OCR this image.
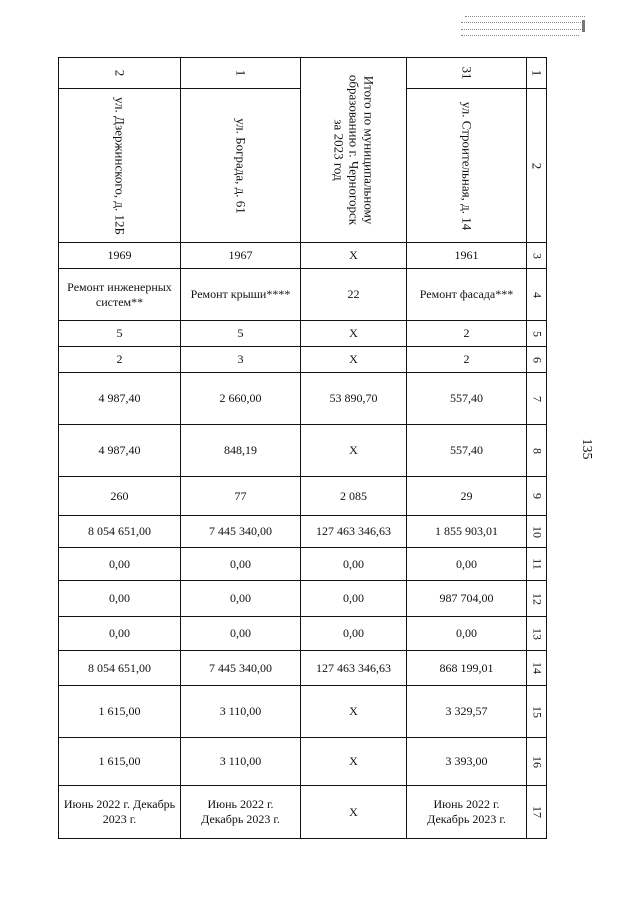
135
2	1	Итого по муниципальному образованию г. Черногорск за 2023 год	31	1

ул. Дзержинского, д. 12Б	ул. Бограда, д. 61		ул. Строительная, д. 14	2

1969	1967	Х	1961	3

Ремонт инженерных систем**	Ремонт крыши****	22	Ремонт фасада***	4

5	5	Х	2	5

2	3	Х	2	6

4 987,40	2 660,00	53 890,70	557,40	7

4 987,40	848,19	Х	557,40	8

260	77	2 085	29	9

8 054 651,00	7 445 340,00	127 463 346,63	1 855 903,01	10

0,00	0,00	0,00	0,00	11

0,00	0,00	0,00	987 704,00	12

0,00	0,00	0,00	0,00	13

8 054 651,00	7 445 340,00	127 463 346,63	868 199,01	14

1 615,00	3 110,00	Х	3 329,57	15

1 615,00	3 110,00	Х	3 393,00	16

Июнь 2022 г. Декабрь 2023 г.	Июнь 2022 г. Декабрь 2023 г.	Х	Июнь 2022 г. Декабрь 2023 г.	17
